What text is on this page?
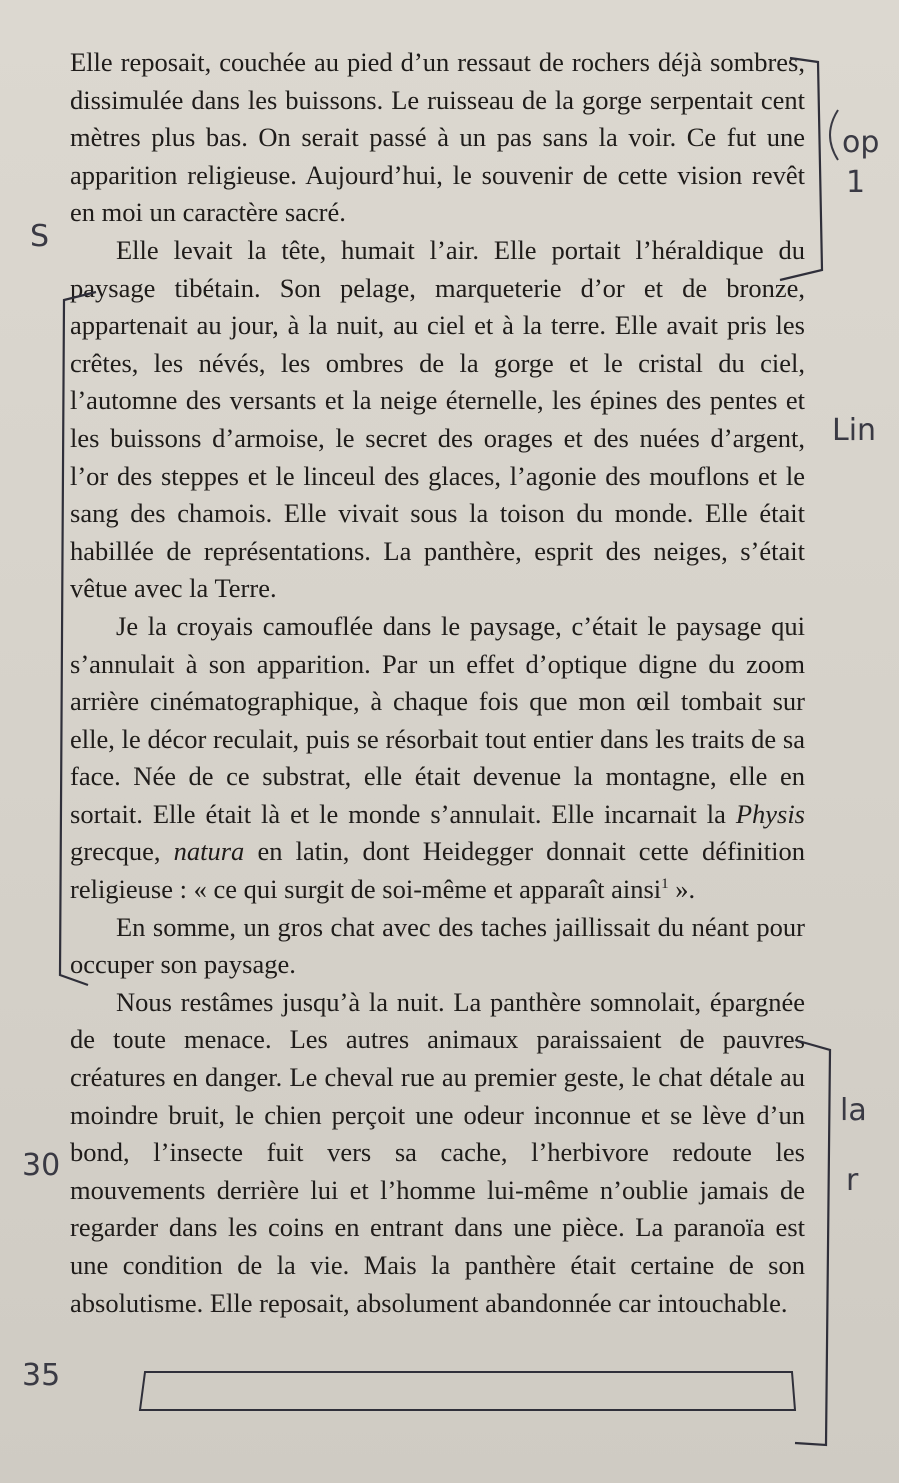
Elle reposait, couchée au pied d’un ressaut de rochers déjà sombres, dissimulée dans les buissons. Le ruisseau de la gorge serpentait cent mètres plus bas. On serait passé à un pas sans la voir. Ce fut une apparition religieuse. Aujourd’hui, le souvenir de cette vision revêt en moi un caractère sacré.

Elle levait la tête, humait l’air. Elle portait l’héraldique du paysage tibétain. Son pelage, marqueterie d’or et de bronze, appartenait au jour, à la nuit, au ciel et à la terre. Elle avait pris les crêtes, les névés, les ombres de la gorge et le cristal du ciel, l’automne des versants et la neige éternelle, les épines des pentes et les buissons d’armoise, le secret des orages et des nuées d’argent, l’or des steppes et le linceul des glaces, l’agonie des mouflons et le sang des chamois. Elle vivait sous la toison du monde. Elle était habillée de représentations. La panthère, esprit des neiges, s’était vêtue avec la Terre.

Je la croyais camouflée dans le paysage, c’était le paysage qui s’annulait à son apparition. Par un effet d’optique digne du zoom arrière cinématographique, à chaque fois que mon œil tombait sur elle, le décor reculait, puis se résorbait tout entier dans les traits de sa face. Née de ce substrat, elle était devenue la montagne, elle en sortait. Elle était là et le monde s’annulait. Elle incarnait la Physis grecque, natura en latin, dont Heidegger donnait cette définition religieuse : « ce qui surgit de soi-même et apparaît ainsi$^1$ ».

En somme, un gros chat avec des taches jaillissait du néant pour occuper son paysage.

Nous restâmes jusqu’à la nuit. La panthère somnolait, épargnée de toute menace. Les autres animaux paraissaient de pauvres créatures en danger. Le cheval rue au premier geste, le chat détale au moindre bruit, le chien perçoit une odeur inconnue et se lève d’un bond, l’insecte fuit vers sa cache, l’herbivore redoute les mouvements derrière lui et l’homme lui-même n’oublie jamais de regarder dans les coins en entrant dans une pièce. La paranoïa est une condition de la vie. Mais la panthère était certaine de son absolutisme. Elle reposait, absolument abandonnée car intouchable.

op
1
Lin
la
r
S
30
35
